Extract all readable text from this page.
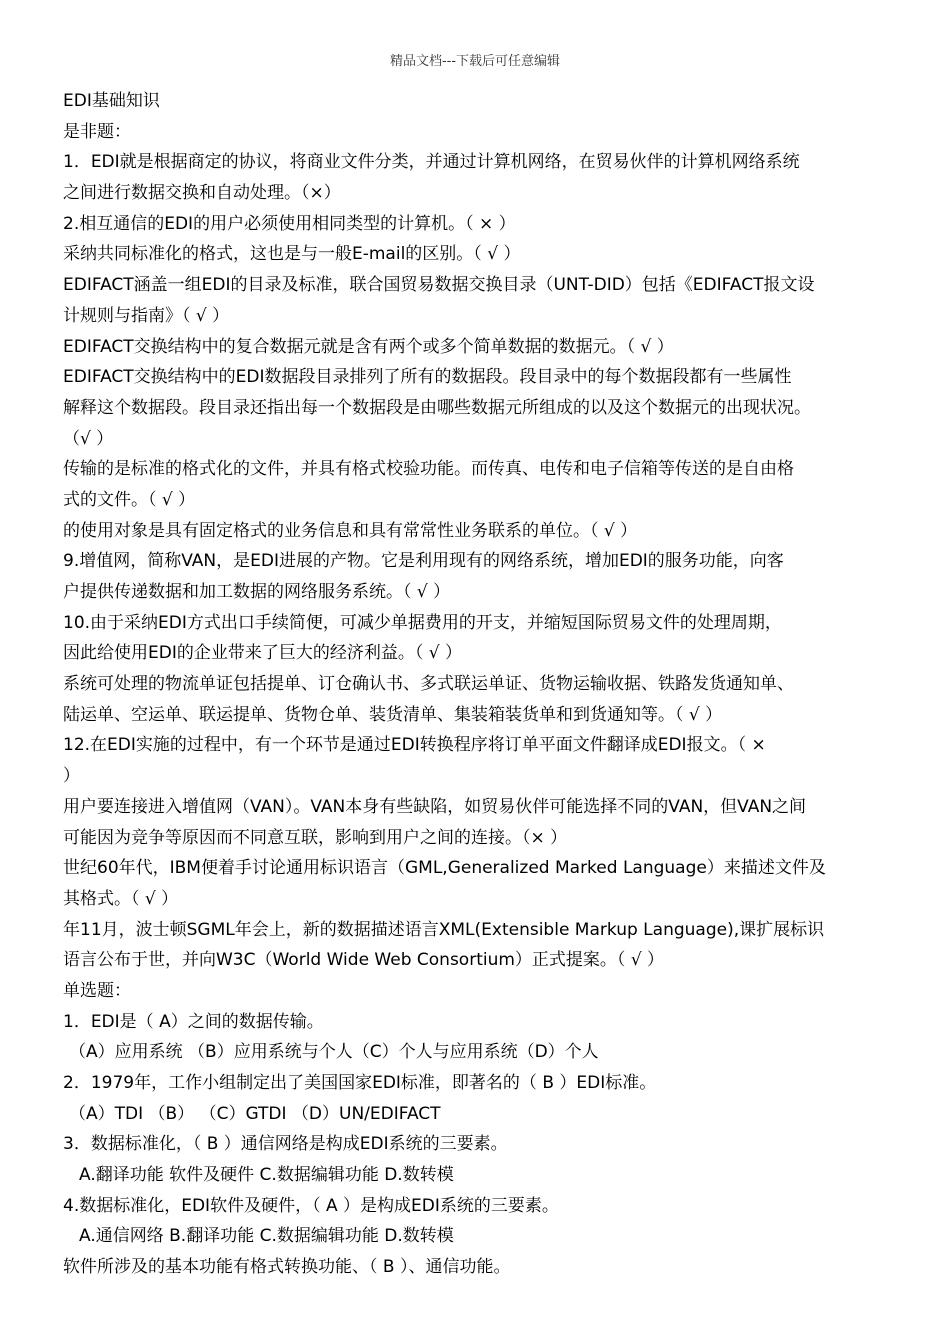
精品文档---下载后可任意编辑
EDI基础知识
是非题：
1．EDI就是根据商定的协议，将商业文件分类，并通过计算机网络，在贸易伙伴的计算机网络系统
之间进行数据交换和自动处理。（×）
2.相互通信的EDI的用户必须使用相同类型的计算机。（ × ）
采纳共同标准化的格式，这也是与一般E-mail的区别。（ √ ）
EDIFACT涵盖一组EDI的目录及标准，联合国贸易数据交换目录（UNT-DID）包括《EDIFACT报文设
计规则与指南》（ √ ）
EDIFACT交换结构中的复合数据元就是含有两个或多个简单数据的数据元。（ √ ）
EDIFACT交换结构中的EDI数据段目录排列了所有的数据段。段目录中的每个数据段都有一些属性
解释这个数据段。段目录还指出每一个数据段是由哪些数据元所组成的以及这个数据元的出现状况。
（√ ）
传输的是标准的格式化的文件，并具有格式校验功能。而传真、电传和电子信箱等传送的是自由格
式的文件。（ √ ）
的使用对象是具有固定格式的业务信息和具有常常性业务联系的单位。（ √ ）
9.增值网，简称VAN，是EDI进展的产物。它是利用现有的网络系统，增加EDI的服务功能，向客
户提供传递数据和加工数据的网络服务系统。（ √ ）
10.由于采纳EDI方式出口手续简便，可减少单据费用的开支，并缩短国际贸易文件的处理周期，
因此给使用EDI的企业带来了巨大的经济利益。（ √ ）
系统可处理的物流单证包括提单、订仓确认书、多式联运单证、货物运输收据、铁路发货通知单、
陆运单、空运单、联运提单、货物仓单、装货清单、集装箱装货单和到货通知等。（ √ ）
12.在EDI实施的过程中，有一个环节是通过EDI转换程序将订单平面文件翻译成EDI报文。（ ×
）
用户要连接进入增值网（VAN）。VAN本身有些缺陷，如贸易伙伴可能选择不同的VAN，但VAN之间
可能因为竞争等原因而不同意互联，影响到用户之间的连接。（× ）
世纪60年代，IBM便着手讨论通用标识语言（GML,Generalized Marked Language）来描述文件及
其格式。（ √ ）
年11月，波士顿SGML年会上，新的数据描述语言XML(Extensible Markup Language),课扩展标识
语言公布于世，并向W3C（World Wide Web Consortium）正式提案。（ √ ）
单选题：
1．EDI是（ A）之间的数据传输。
（A）应用系统 （B）应用系统与个人（C）个人与应用系统（D）个人
2．1979年，工作小组制定出了美国国家EDI标准，即著名的（ B ）EDI标准。
（A）TDI （B） （C）GTDI （D）UN/EDIFACT
3．数据标准化，（ B ）通信网络是构成EDI系统的三要素。
A.翻译功能 软件及硬件 C.数据编辑功能 D.数转模
4.数据标准化，EDI软件及硬件，（ A ）是构成EDI系统的三要素。
A.通信网络 B.翻译功能 C.数据编辑功能 D.数转模
软件所涉及的基本功能有格式转换功能、（ B ）、通信功能。
